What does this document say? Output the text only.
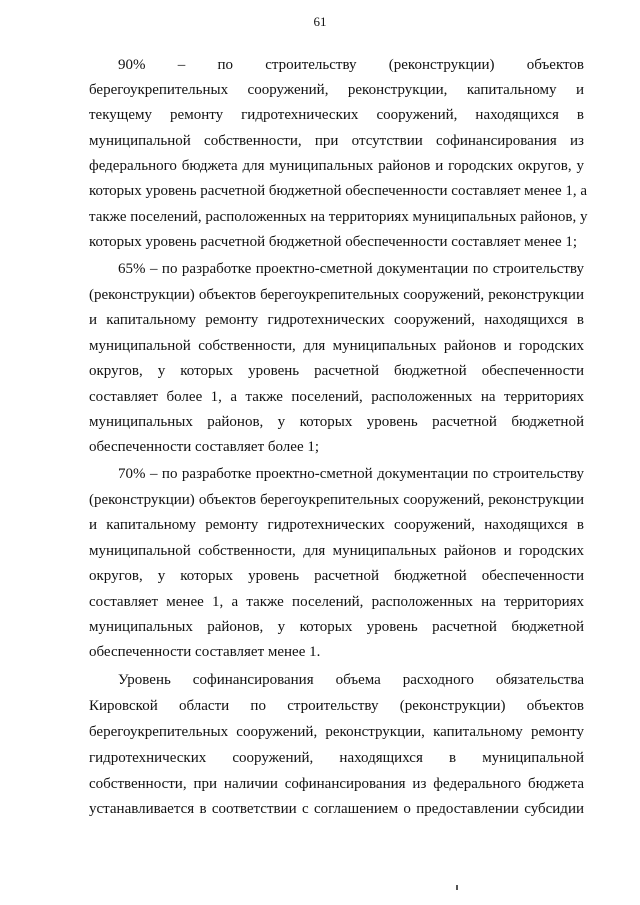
61
90% – по строительству (реконструкции) объектов
берегоукрепительных сооружений, реконструкции, капитальному и
текущему ремонту гидротехнических сооружений, находящихся в
муниципальной собственности, при отсутствии софинансирования из
федерального бюджета для муниципальных районов и городских округов, у
которых уровень расчетной бюджетной обеспеченности составляет менее 1, а
также поселений, расположенных на территориях муниципальных районов, у
которых уровень расчетной бюджетной обеспеченности составляет менее 1;
65% – по разработке проектно-сметной документации по строительству
(реконструкции) объектов берегоукрепительных сооружений, реконструкции
и капитальному ремонту гидротехнических сооружений, находящихся в
муниципальной собственности, для муниципальных районов и городских
округов, у которых уровень расчетной бюджетной обеспеченности
составляет более 1, а также поселений, расположенных на территориях
муниципальных районов, у которых уровень расчетной бюджетной
обеспеченности составляет более 1;
70% – по разработке проектно-сметной документации по строительству
(реконструкции) объектов берегоукрепительных сооружений, реконструкции
и капитальному ремонту гидротехнических сооружений, находящихся в
муниципальной собственности, для муниципальных районов и городских
округов, у которых уровень расчетной бюджетной обеспеченности
составляет менее 1, а также поселений, расположенных на территориях
муниципальных районов, у которых уровень расчетной бюджетной
обеспеченности составляет менее 1.
Уровень софинансирования объема расходного обязательства
Кировской области по строительству (реконструкции) объектов
берегоукрепительных сооружений, реконструкции, капитальному ремонту
гидротехнических сооружений, находящихся в муниципальной
собственности, при наличии софинансирования из федерального бюджета
устанавливается в соответствии с соглашением о предоставлении субсидии
